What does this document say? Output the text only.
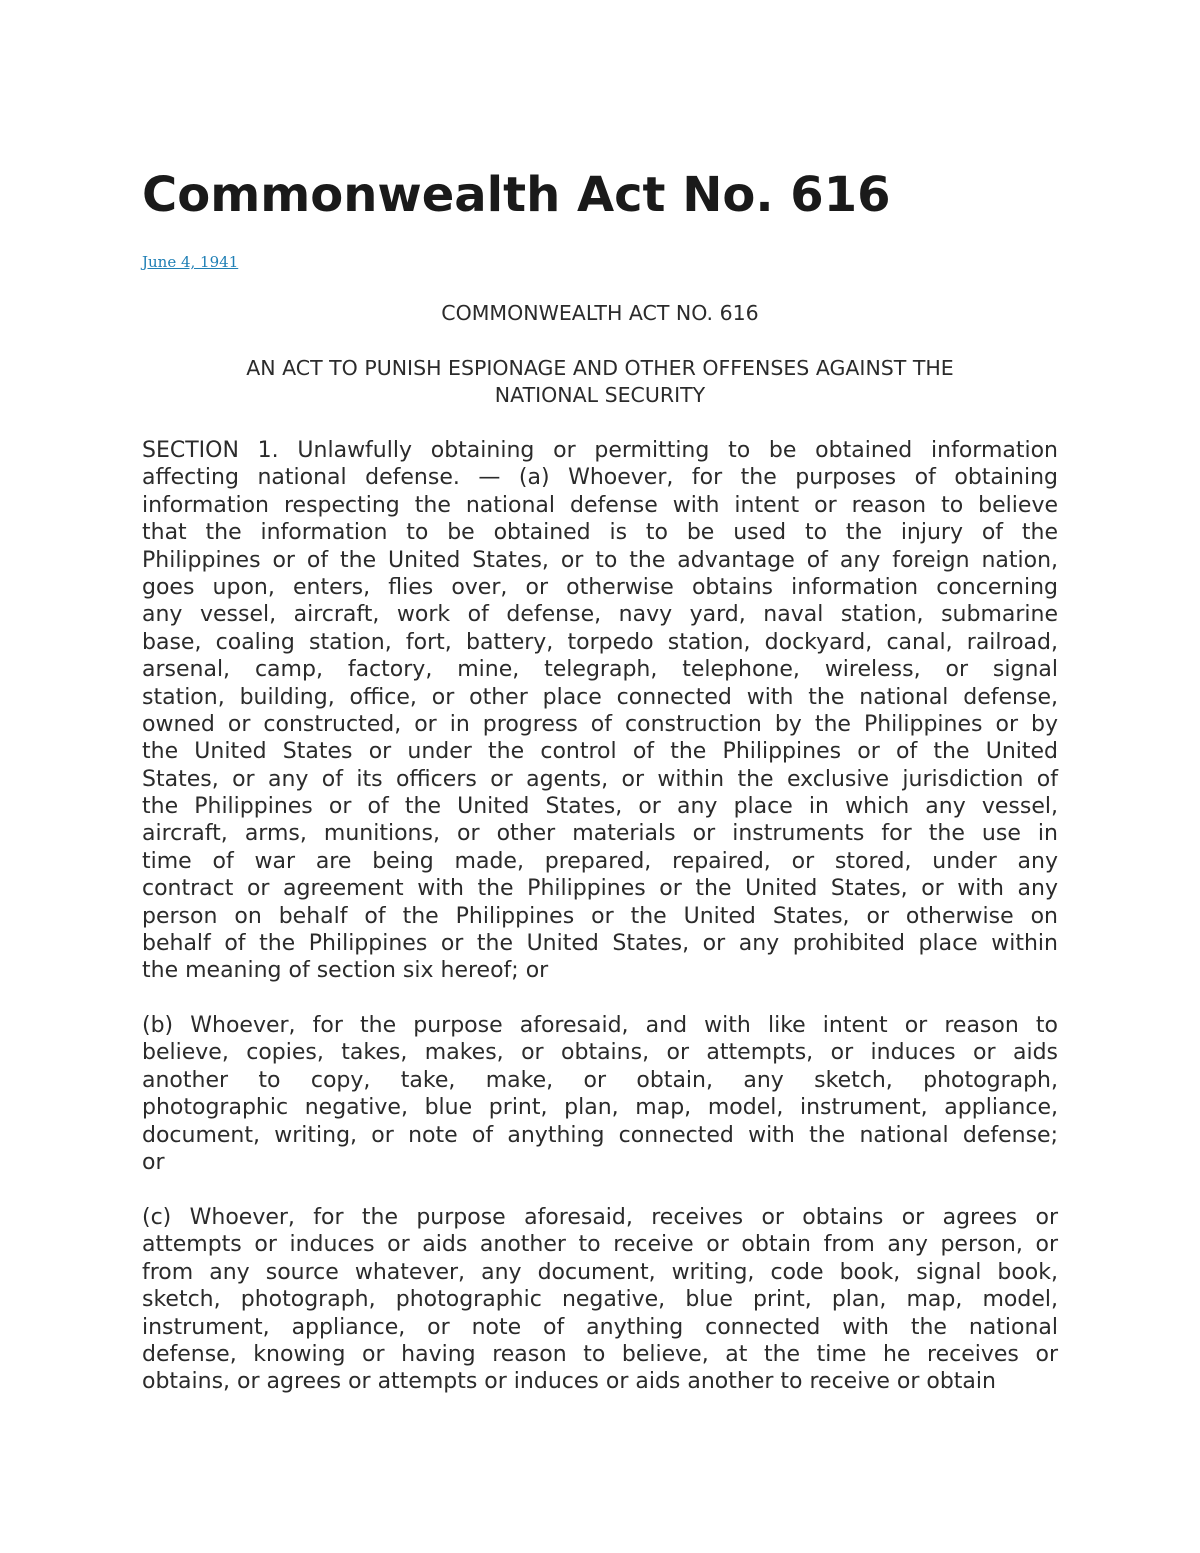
Commonwealth Act No. 616
June 4, 1941

COMMONWEALTH ACT NO. 616

AN ACT TO PUNISH ESPIONAGE AND OTHER OFFENSES AGAINST THE
NATIONAL SECURITY

SECTION 1. Unlawfully obtaining or permitting to be obtained information
affecting national defense. — (a) Whoever, for the purposes of obtaining
information respecting the national defense with intent or reason to believe
that the information to be obtained is to be used to the injury of the
Philippines or of the United States, or to the advantage of any foreign nation,
goes upon, enters, flies over, or otherwise obtains information concerning
any vessel, aircraft, work of defense, navy yard, naval station, submarine
base, coaling station, fort, battery, torpedo station, dockyard, canal, railroad,
arsenal, camp, factory, mine, telegraph, telephone, wireless, or signal
station, building, office, or other place connected with the national defense,
owned or constructed, or in progress of construction by the Philippines or by
the United States or under the control of the Philippines or of the United
States, or any of its officers or agents, or within the exclusive jurisdiction of
the Philippines or of the United States, or any place in which any vessel,
aircraft, arms, munitions, or other materials or instruments for the use in
time of war are being made, prepared, repaired, or stored, under any
contract or agreement with the Philippines or the United States, or with any
person on behalf of the Philippines or the United States, or otherwise on
behalf of the Philippines or the United States, or any prohibited place within
the meaning of section six hereof; or
(b) Whoever, for the purpose aforesaid, and with like intent or reason to
believe, copies, takes, makes, or obtains, or attempts, or induces or aids
another to copy, take, make, or obtain, any sketch, photograph,
photographic negative, blue print, plan, map, model, instrument, appliance,
document, writing, or note of anything connected with the national defense;
or
(c) Whoever, for the purpose aforesaid, receives or obtains or agrees or
attempts or induces or aids another to receive or obtain from any person, or
from any source whatever, any document, writing, code book, signal book,
sketch, photograph, photographic negative, blue print, plan, map, model,
instrument, appliance, or note of anything connected with the national
defense, knowing or having reason to believe, at the time he receives or
obtains, or agrees or attempts or induces or aids another to receive or obtain
